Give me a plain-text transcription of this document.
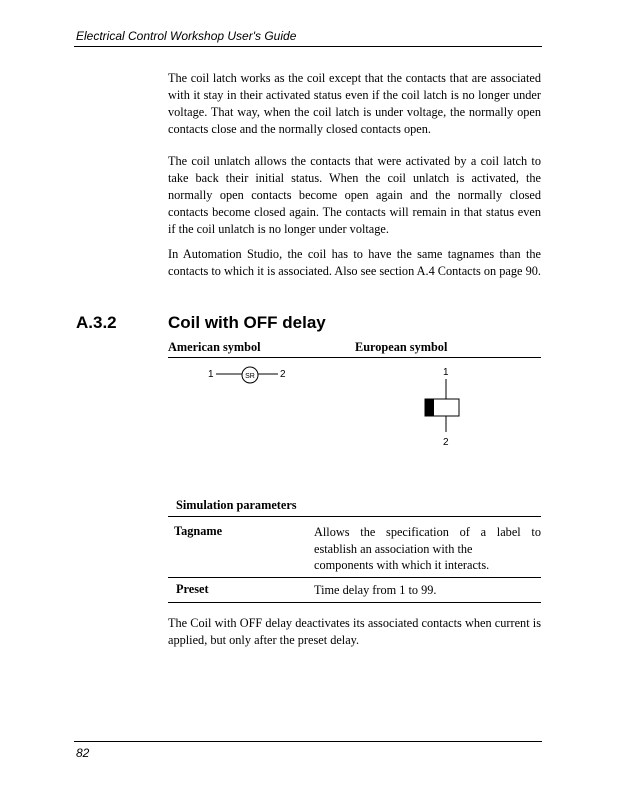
Electrical Control Workshop User's Guide

The coil latch works as the coil except that the contacts that are associated with it stay in their activated status even if the coil latch is no longer under voltage. That way, when the coil latch is under voltage, the normally open contacts close and the normally closed contacts open.

The coil unlatch allows the contacts that were activated by a coil latch to take back their initial status. When the coil unlatch is activated, the normally open contacts become open again and the normally closed contacts become closed again. The contacts will remain in that status even if the coil unlatch is no longer under voltage.

In Automation Studio, the coil has to have the same tagnames than the contacts to which it is associated. Also see section A.4 Contacts on page 90.

A.3.2	Coil with OFF delay
American symbol	European symbol
1	SR	2	1
2
Simulation parameters
Tagname	Allows the specification of a label to establish an association with the
components with which it interacts.

Preset	Time delay from 1 to 99.

The Coil with OFF delay deactivates its associated contacts when current is applied, but only after the preset delay.

82
